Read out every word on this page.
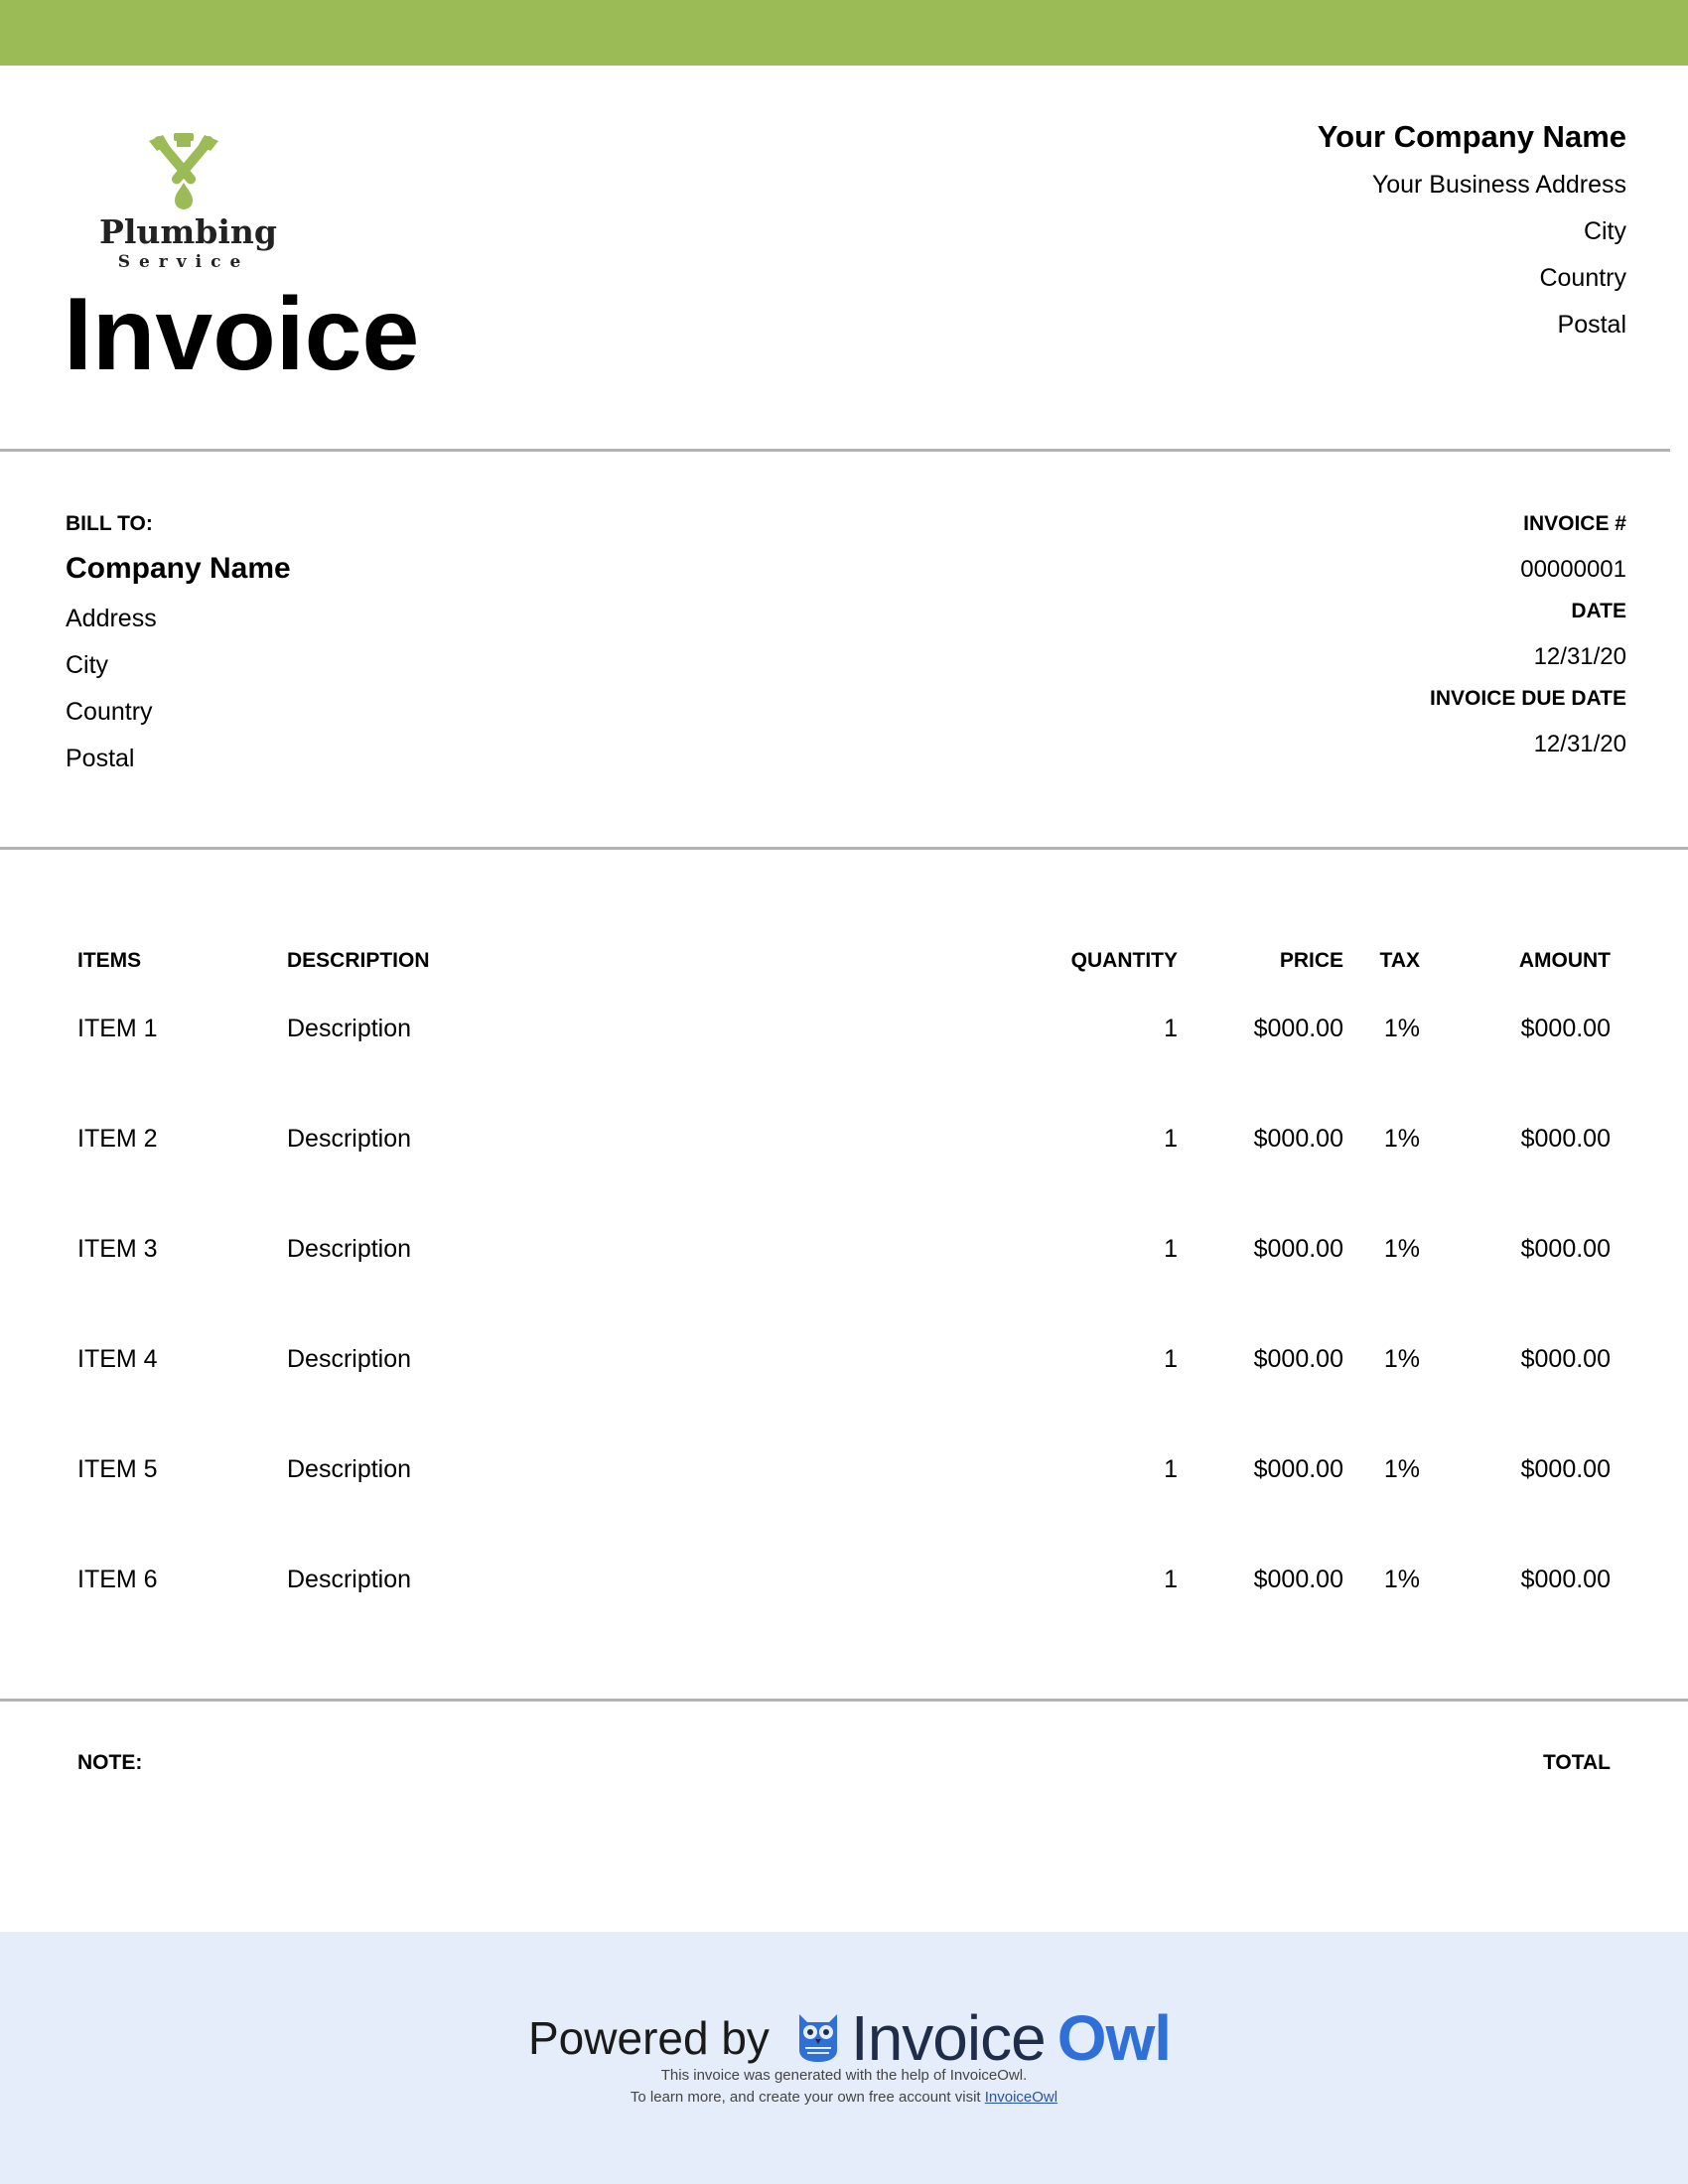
Plumbing
Service
Invoice
Your Company Name
Your Business Address
City
Country
Postal
BILL TO:
Company Name
Address
City
Country
Postal
INVOICE #
00000001
DATE
12/31/20
INVOICE DUE DATE
12/31/20
ITEMS	DESCRIPTION	QUANTITY	PRICE TAX	AMOUNT
ITEM 1	Description	1	$000.00 1%	$000.00
ITEM 2	Description	1	$000.00 1%	$000.00
ITEM 3	Description	1	$000.00 1%	$000.00
ITEM 4	Description	1	$000.00 1%	$000.00
ITEM 5	Description	1	$000.00 1%	$000.00
ITEM 6	Description	1	$000.00 1%	$000.00
NOTE:	TOTAL
Powered by Invoice Owl
This invoice was generated with the help of InvoiceOwl.
To learn more, and create your own free account visit InvoiceOwl
